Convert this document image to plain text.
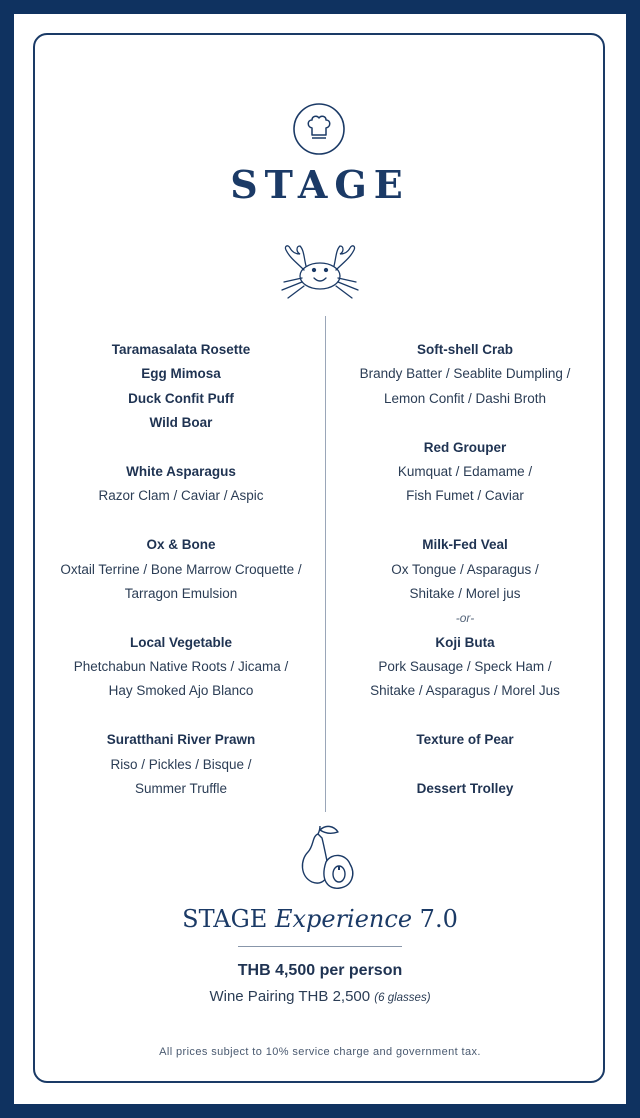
STAGE
Taramasalata Rosette
Egg Mimosa
Duck Confit Puff
Wild Boar
White Asparagus
Razor Clam / Caviar / Aspic
Ox & Bone
Oxtail Terrine / Bone Marrow Croquette /
Tarragon Emulsion
Local Vegetable
Phetchabun Native Roots / Jicama /
Hay Smoked Ajo Blanco
Suratthani River Prawn
Riso / Pickles / Bisque /
Summer Truffle
Soft-shell Crab
Brandy Batter / Seablite Dumpling /
Lemon Confit / Dashi Broth
Red Grouper
Kumquat / Edamame /
Fish Fumet / Caviar
Milk-Fed Veal
Ox Tongue / Asparagus /
Shitake / Morel jus
-or-
Koji Buta
Pork Sausage / Speck Ham /
Shitake / Asparagus / Morel Jus
Texture of Pear
Dessert Trolley
STAGE Experience 7.0
THB 4,500 per person
Wine Pairing THB 2,500 (6 glasses)
All prices subject to 10% service charge and government tax.
